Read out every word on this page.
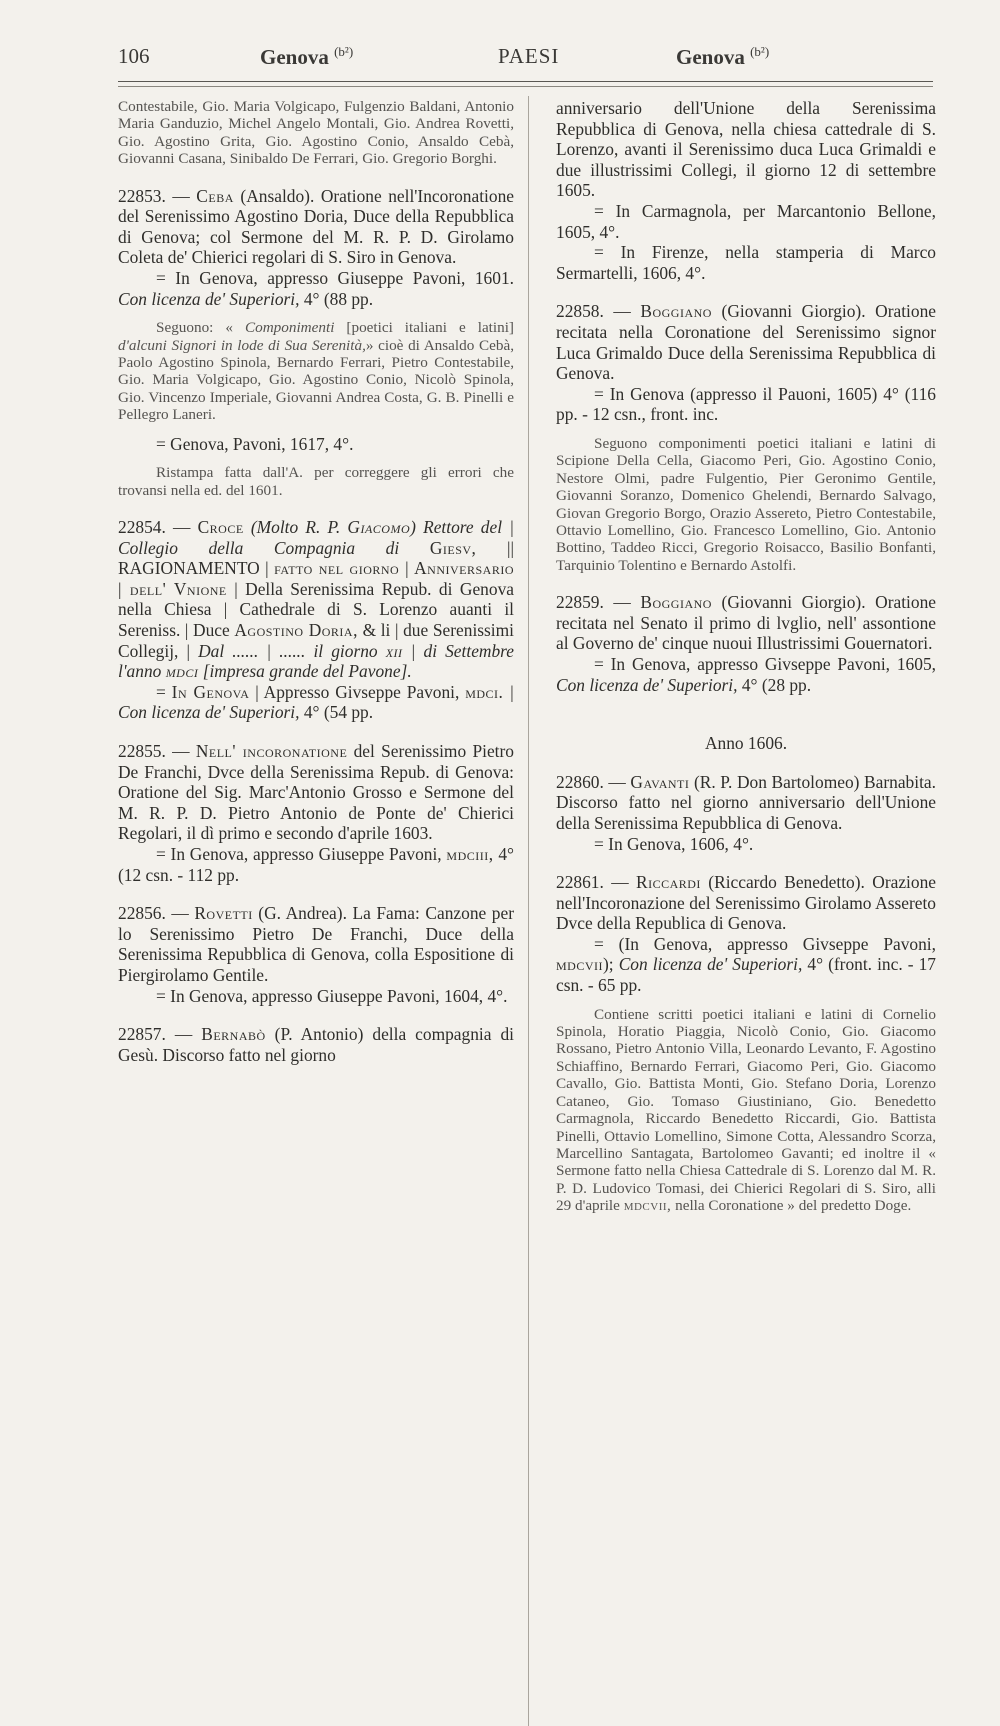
106	Genova $^{(b^2)}$	PAESI	Genova $^{(b^2)}$

Contestabile, Gio. Maria Volgicapo, Fulgenzio Baldani, Antonio Maria Ganduzio, Michel Angelo Montali, Gio. Andrea Rovetti, Gio. Agostino Grita, Gio. Agostino Conio, Ansaldo Cebà, Giovanni Casana, Sinibaldo De Ferrari, Gio. Gregorio Borghi.

22853. — Ceba (Ansaldo). Oratione nell'Incoronatione del Serenissimo Agostino Doria, Duce della Repubblica di Genova; col Sermone del M. R. P. D. Girolamo Coleta de' Chierici regolari di S. Siro in Genova.

= In Genova, appresso Giuseppe Pavoni, 1601. Con licenza de' Superiori, 4° (88 pp.

Seguono: « Componimenti [poetici italiani e latini] d'alcuni Signori in lode di Sua Serenità,» cioè di Ansaldo Cebà, Paolo Agostino Spinola, Bernardo Ferrari, Pietro Contestabile, Gio. Maria Volgicapo, Gio. Agostino Conio, Nicolò Spinola, Gio. Vincenzo Imperiale, Giovanni Andrea Costa, G. B. Pinelli e Pellegro Laneri.

= Genova, Pavoni, 1617, 4°.

Ristampa fatta dall'A. per correggere gli errori che trovansi nella ed. del 1601.

22854. — Croce (Molto R. P. Giacomo) Rettore del | Collegio della Compagnia di Giesv, || RAGIONAMENTO | fatto nel giorno | Anniversario | dell' Vnione | Della Serenissima Repub. di Genova nella Chiesa | Cathedrale di S. Lorenzo auanti il Sereniss. | Duce Agostino Doria, & li | due Serenissimi Collegij, | Dal ...... | ...... il giorno xii | di Settembre l'anno mdci [impresa grande del Pavone].

= In Genova | Appresso Givseppe Pavoni, mdci. | Con licenza de' Superiori, 4° (54 pp.

22855. — Nell' incoronatione del Serenissimo Pietro De Franchi, Dvce della Serenissima Repub. di Genova: Oratione del Sig. Marc'Antonio Grosso e Sermone del M. R. P. D. Pietro Antonio de Ponte de' Chierici Regolari, il dì primo e secondo d'aprile 1603.

= In Genova, appresso Giuseppe Pavoni, mdciii, 4° (12 csn. - 112 pp.

22856. — Rovetti (G. Andrea). La Fama: Canzone per lo Serenissimo Pietro De Franchi, Duce della Serenissima Repubblica di Genova, colla Espositione di Piergirolamo Gentile.

= In Genova, appresso Giuseppe Pavoni, 1604, 4°.

22857. — Bernabò (P. Antonio) della compagnia di Gesù. Discorso fatto nel giorno

anniversario dell'Unione della Serenissima Repubblica di Genova, nella chiesa cattedrale di S. Lorenzo, avanti il Serenissimo duca Luca Grimaldi e due illustrissimi Collegi, il giorno 12 di settembre 1605.

= In Carmagnola, per Marcantonio Bellone, 1605, 4°.

= In Firenze, nella stamperia di Marco Sermartelli, 1606, 4°.

22858. — Boggiano (Giovanni Giorgio). Oratione recitata nella Coronatione del Serenissimo signor Luca Grimaldo Duce della Serenissima Repubblica di Genova.

= In Genova (appresso il Pauoni, 1605) 4° (116 pp. - 12 csn., front. inc.

Seguono componimenti poetici italiani e latini di Scipione Della Cella, Giacomo Peri, Gio. Agostino Conio, Nestore Olmi, padre Fulgentio, Pier Geronimo Gentile, Giovanni Soranzo, Domenico Ghelendi, Bernardo Salvago, Giovan Gregorio Borgo, Orazio Assereto, Pietro Contestabile, Ottavio Lomellino, Gio. Francesco Lomellino, Gio. Antonio Bottino, Taddeo Ricci, Gregorio Roisacco, Basilio Bonfanti, Tarquinio Tolentino e Bernardo Astolfi.

22859. — Boggiano (Giovanni Giorgio). Oratione recitata nel Senato il primo di lvglio, nell' assontione al Governo de' cinque nuoui Illustrissimi Gouernatori.

= In Genova, appresso Givseppe Pavoni, 1605, Con licenza de' Superiori, 4° (28 pp.

Anno 1606.

22860. — Gavanti (R. P. Don Bartolomeo) Barnabita. Discorso fatto nel giorno anniversario dell'Unione della Serenissima Repubblica di Genova.

= In Genova, 1606, 4°.

22861. — Riccardi (Riccardo Benedetto). Orazione nell'Incoronazione del Serenissimo Girolamo Assereto Dvce della Republica di Genova.

= (In Genova, appresso Givseppe Pavoni, mdcvii); Con licenza de' Superiori, 4° (front. inc. - 17 csn. - 65 pp.

Contiene scritti poetici italiani e latini di Cornelio Spinola, Horatio Piaggia, Nicolò Conio, Gio. Giacomo Rossano, Pietro Antonio Villa, Leonardo Levanto, F. Agostino Schiaffino, Bernardo Ferrari, Giacomo Peri, Gio. Giacomo Cavallo, Gio. Battista Monti, Gio. Stefano Doria, Lorenzo Cataneo, Gio. Tomaso Giustiniano, Gio. Benedetto Carmagnola, Riccardo Benedetto Riccardi, Gio. Battista Pinelli, Ottavio Lomellino, Simone Cotta, Alessandro Scorza, Marcellino Santagata, Bartolomeo Gavanti; ed inoltre il « Sermone fatto nella Chiesa Cattedrale di S. Lorenzo dal M. R. P. D. Ludovico Tomasi, dei Chierici Regolari di S. Siro, alli 29 d'aprile mdcvii, nella Coronatione » del predetto Doge.
